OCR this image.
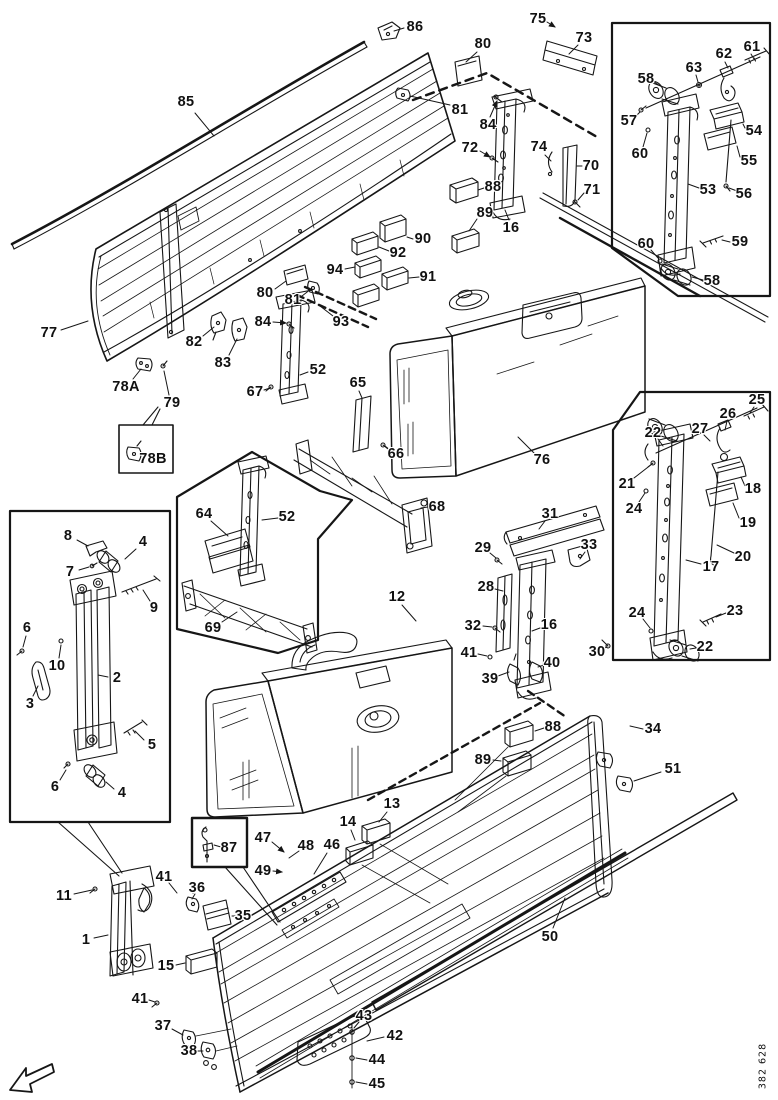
85
86	75
73
80
81
84
72	74
70
71
16
88
89
90
92
94	91
93
80 81
84
82
83
77
78A
79
78B
52
67
65
66	76
68
64	52
69
12
31
29	33
28
32	16
30
41
39
40
88
89
34
51
50
13
14
46
47 48
49
87
11
1
41
36
35
15
41
37
38
43
42
44
45
61
62
63
58
57
60
54
55
53 56
59
60
58
25
26
27
22
21
24
18
19
20
17
23
24
22
8	4
7
9
6
10
3
2
5
6	4
382 628
